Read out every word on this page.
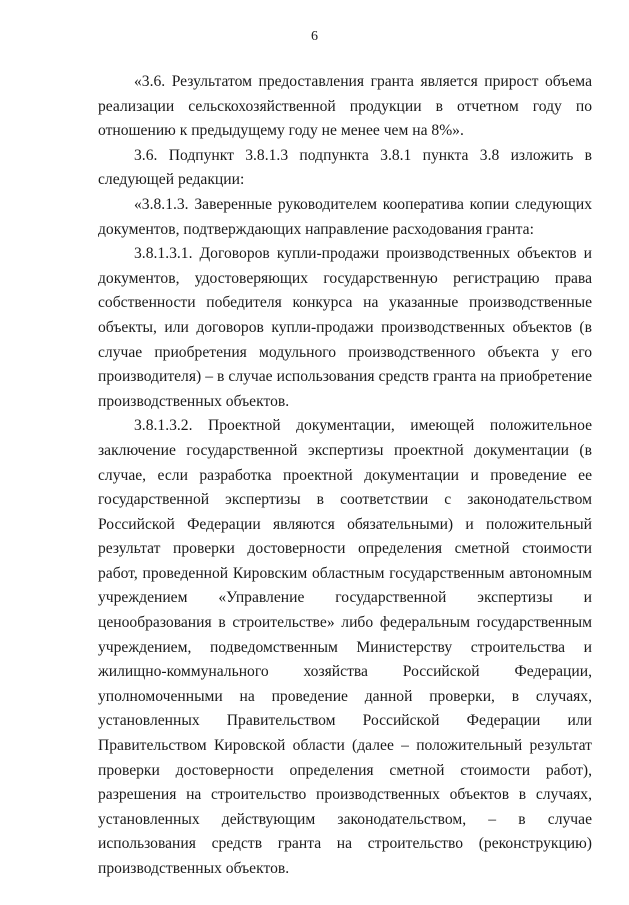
6

«3.6. Результатом предоставления гранта является прирост объема реализации сельскохозяйственной продукции в отчетном году по отношению к предыдущему году не менее чем на 8%».

3.6. Подпункт 3.8.1.3 подпункта 3.8.1 пункта 3.8 изложить в следующей редакции:

«3.8.1.3. Заверенные руководителем кооператива копии следующих документов, подтверждающих направление расходования гранта:

3.8.1.3.1. Договоров купли-продажи производственных объектов и документов, удостоверяющих государственную регистрацию права собственности победителя конкурса на указанные производственные объекты, или договоров купли-продажи производственных объектов (в случае приобретения модульного производственного объекта у его производителя) – в случае использования средств гранта на приобретение производственных объектов.

3.8.1.3.2. Проектной документации, имеющей положительное заключение государственной экспертизы проектной документации (в случае, если разработка проектной документации и проведение ее государственной экспертизы в соответствии с законодательством Российской Федерации являются обязательными) и положительный результат проверки достоверности определения сметной стоимости работ, проведенной Кировским областным государственным автономным учреждением «Управление государственной экспертизы и ценообразования в строительстве» либо федеральным государственным учреждением, подведомственным Министерству строительства и жилищно-коммунального хозяйства Российской Федерации, уполномоченными на проведение данной проверки, в случаях, установленных Правительством Российской Федерации или Правительством Кировской области (далее – положительный результат проверки достоверности определения сметной стоимости работ), разрешения на строительство производственных объектов в случаях, установленных действующим законодательством, – в случае использования средств гранта на строительство (реконструкцию) производственных объектов.
